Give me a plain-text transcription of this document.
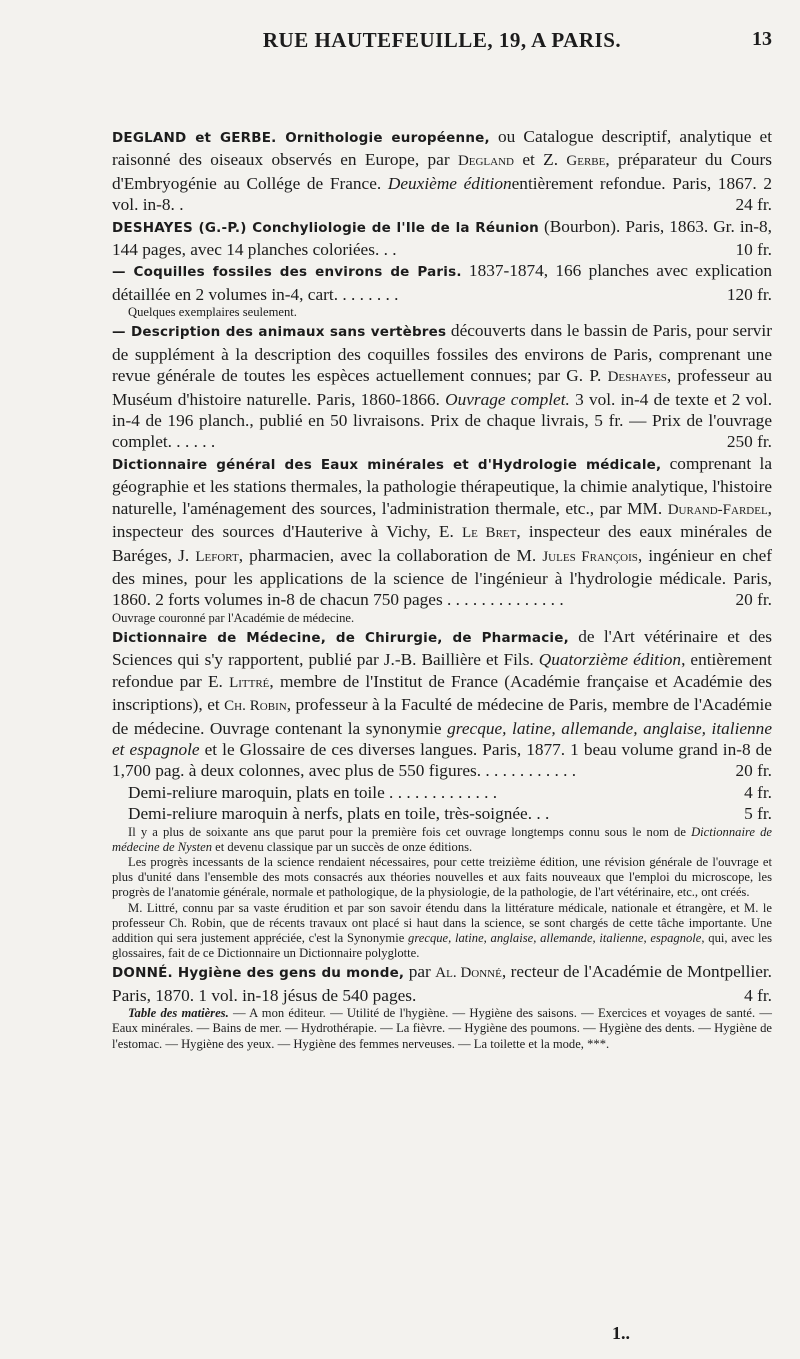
RUE HAUTEFEUILLE, 19, A PARIS.	13

DEGLAND et GERBE. Ornithologie européenne, ou Catalogue descriptif, analytique et raisonné des oiseaux observés en Europe, par Degland et Z. Gerbe, préparateur du Cours d'Embryogénie au Collége de France. Deuxième éditionentièrement refondue. Paris, 1867. 2 vol. in-8. .	24 fr.

DESHAYES (G.-P.) Conchyliologie de l'Ile de la Réunion (Bourbon). Paris, 1863. Gr. in-8, 144 pages, avec 14 planches coloriées. . .	10 fr.

— Coquilles fossiles des environs de Paris. 1837-1874, 166 planches avec explication détaillée en 2 volumes in-4, cart. . . . . . . .	120 fr.

Quelques exemplaires seulement.

— Description des animaux sans vertèbres découverts dans le bassin de Paris, pour servir de supplément à la description des coquilles fossiles des environs de Paris, comprenant une revue générale de toutes les espèces actuellement connues; par G. P. Deshayes, professeur au Muséum d'histoire naturelle. Paris, 1860-1866. Ouvrage complet. 3 vol. in-4 de texte et 2 vol. in-4 de 196 planch., publié en 50 livraisons. Prix de chaque livrais, 5 fr. — Prix de l'ouvrage complet. . . . . .	250 fr.

Dictionnaire général des Eaux minérales et d'Hydrologie médicale, comprenant la géographie et les stations thermales, la pathologie thérapeutique, la chimie analytique, l'histoire naturelle, l'aménagement des sources, l'administration thermale, etc., par MM. Durand-Fardel, inspecteur des sources d'Hauterive à Vichy, E. Le Bret, inspecteur des eaux minérales de Baréges, J. Lefort, pharmacien, avec la collaboration de M. Jules François, ingénieur en chef des mines, pour les applications de la science de l'ingénieur à l'hydrologie médicale. Paris, 1860. 2 forts volumes in-8 de chacun 750 pages . . . . . . . . . . . . . .	20 fr.

Ouvrage couronné par l'Académie de médecine.

Dictionnaire de Médecine, de Chirurgie, de Pharmacie, de l'Art vétérinaire et des Sciences qui s'y rapportent, publié par J.-B. Baillière et Fils. Quatorzième édition, entièrement refondue par E. Littré, membre de l'Institut de France (Académie française et Académie des inscriptions), et Ch. Robin, professeur à la Faculté de médecine de Paris, membre de l'Académie de médecine. Ouvrage contenant la synonymie grecque, latine, allemande, anglaise, italienne et espagnole et le Glossaire de ces diverses langues. Paris, 1877. 1 beau volume grand in-8 de 1,700 pag. à deux colonnes, avec plus de 550 figures. . . . . . . . . . . .	20 fr.

Demi-reliure maroquin, plats en toile . . . . . . . . . . . . .	4 fr.

Demi-reliure maroquin à nerfs, plats en toile, très-soignée. . .	5 fr.

Il y a plus de soixante ans que parut pour la première fois cet ouvrage longtemps connu sous le nom de Dictionnaire de médecine de Nysten et devenu classique par un succès de onze éditions.

Les progrès incessants de la science rendaient nécessaires, pour cette treizième édition, une révision générale de l'ouvrage et plus d'unité dans l'ensemble des mots consacrés aux théories nouvelles et aux faits nouveaux que l'emploi du microscope, les progrès de l'anatomie générale, normale et pathologique, de la physiologie, de la pathologie, de l'art vétérinaire, etc., ont créés.

M. Littré, connu par sa vaste érudition et par son savoir étendu dans la littérature médicale, nationale et étrangère, et M. le professeur Ch. Robin, que de récents travaux ont placé si haut dans la science, se sont chargés de cette tâche importante. Une addition qui sera justement appréciée, c'est la Synonymie grecque, latine, anglaise, allemande, italienne, espagnole, qui, avec les glossaires, fait de ce Dictionnaire un Dictionnaire polyglotte.

DONNÉ. Hygiène des gens du monde, par Al. Donné, recteur de l'Académie de Montpellier. Paris, 1870. 1 vol. in-18 jésus de 540 pages.	4 fr.

Table des matières. — A mon éditeur. — Utilité de l'hygiène. — Hygiène des saisons. — Exercices et voyages de santé. — Eaux minérales. — Bains de mer. — Hydrothérapie. — La fièvre. — Hygiène des poumons. — Hygiène des dents. — Hygiène de l'estomac. — Hygiène des yeux. — Hygiène des femmes nerveuses. — La toilette et la mode, ***.

1..
